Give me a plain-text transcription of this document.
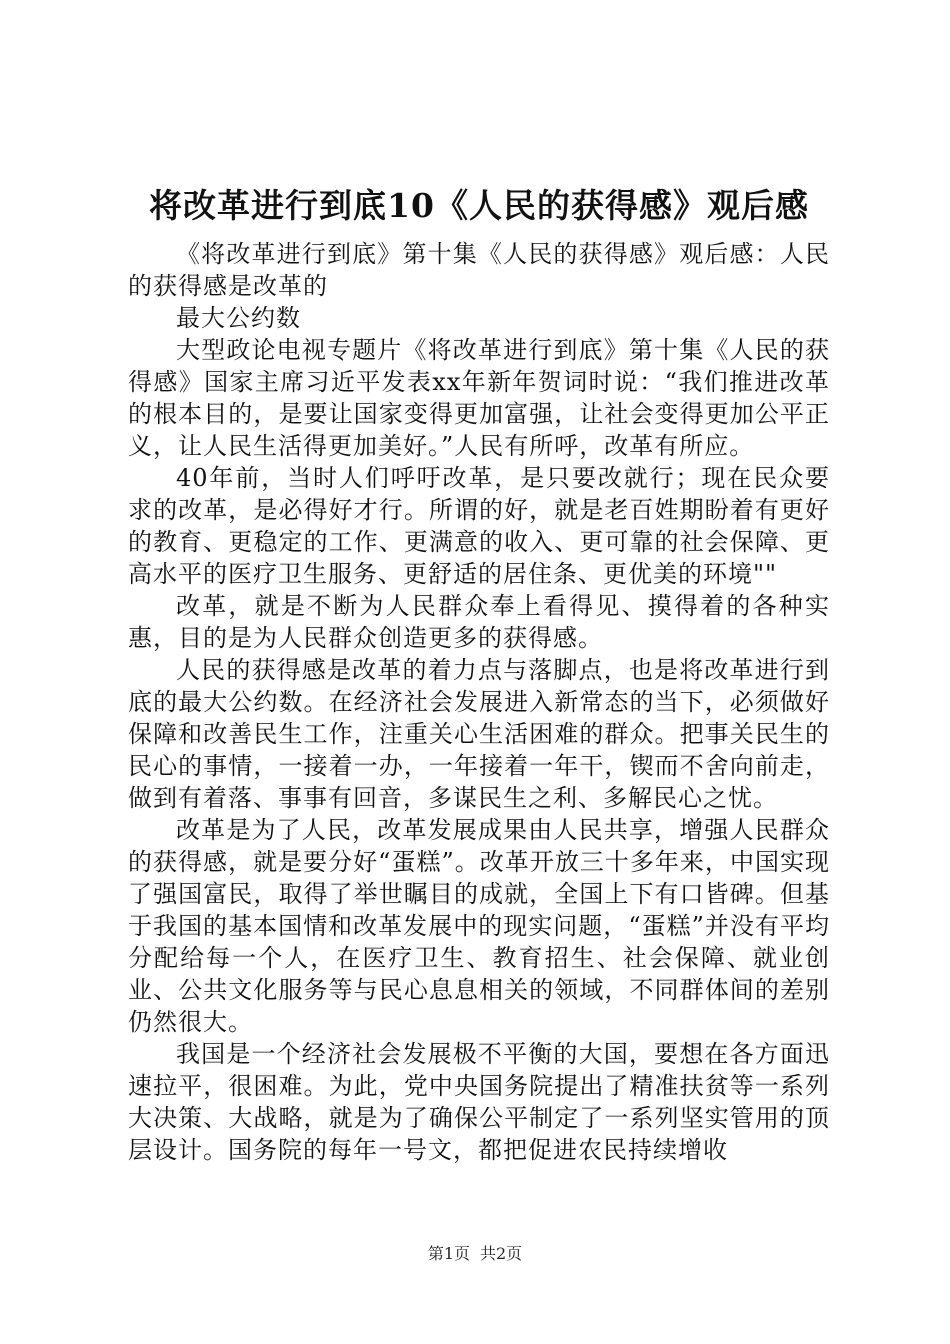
将改革进行到底10《人民的获得感》观后感

《将改革进行到底》第十集《人民的获得感》观后感：人民的获得感是改革的

最大公约数

大型政论电视专题片《将改革进行到底》第十集《人民的获得感》国家主席习近平发表xx年新年贺词时说：“我们推进改革的根本目的，是要让国家变得更加富强，让社会变得更加公平正义，让人民生活得更加美好。”人民有所呼，改革有所应。

40年前，当时人们呼吁改革，是只要改就行；现在民众要求的改革，是必得好才行。所谓的好，就是老百姓期盼着有更好的教育、更稳定的工作、更满意的收入、更可靠的社会保障、更高水平的医疗卫生服务、更舒适的居住条、更优美的环境""

改革，就是不断为人民群众奉上看得见、摸得着的各种实惠，目的是为人民群众创造更多的获得感。

人民的获得感是改革的着力点与落脚点，也是将改革进行到底的最大公约数。在经济社会发展进入新常态的当下，必须做好保障和改善民生工作，注重关心生活困难的群众。把事关民生的民心的事情，一接着一办，一年接着一年干，锲而不舍向前走，做到有着落、事事有回音，多谋民生之利、多解民心之忧。

改革是为了人民，改革发展成果由人民共享，增强人民群众的获得感，就是要分好“蛋糕”。改革开放三十多年来，中国实现了强国富民，取得了举世瞩目的成就，全国上下有口皆碑。但基于我国的基本国情和改革发展中的现实问题，“蛋糕”并没有平均分配给每一个人，在医疗卫生、教育招生、社会保障、就业创业、公共文化服务等与民心息息相关的领域，不同群体间的差别仍然很大。

我国是一个经济社会发展极不平衡的大国，要想在各方面迅速拉平，很困难。为此，党中央国务院提出了精准扶贫等一系列大决策、大战略，就是为了确保公平制定了一系列坚实管用的顶层设计。国务院的每年一号文，都把促进农民持续增收

第1页 共2页
